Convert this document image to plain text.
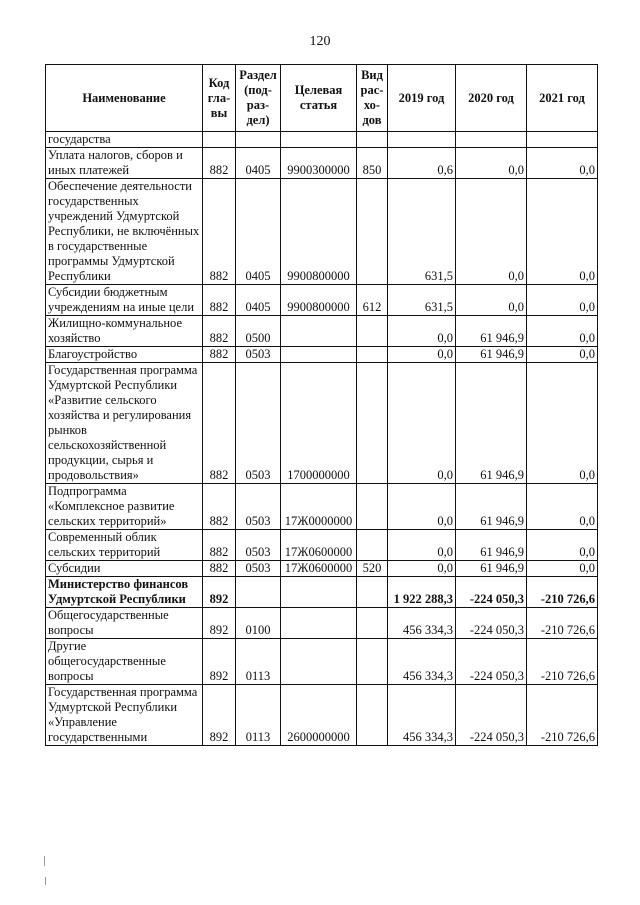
120
Наименование	Код гла-вы	Раздел (под-раз-дел)	Целевая статья	Вид рас-хо-дов	2019 год	2020 год	2021 год
государства							
Уплата налогов, сборов и иных платежей	882	0405	9900300000	850	0,6	0,0	0,0
Обеспечение деятельности государственных учреждений Удмуртской Республики, не включённых в государственные программы Удмуртской Республики	882	0405	9900800000		631,5	0,0	0,0
Субсидии бюджетным учреждениям на иные цели	882	0405	9900800000	612	631,5	0,0	0,0
Жилищно-коммунальное хозяйство	882	0500			0,0	61 946,9	0,0
Благоустройство	882	0503			0,0	61 946,9	0,0
Государственная программа Удмуртской Республики «Развитие сельского хозяйства и регулирования рынков сельскохозяйственной продукции, сырья и продовольствия»	882	0503	1700000000		0,0	61 946,9	0,0
Подпрограмма «Комплексное развитие сельских территорий»	882	0503	17Ж0000000		0,0	61 946,9	0,0
Современный облик сельских территорий	882	0503	17Ж0600000		0,0	61 946,9	0,0
Субсидии	882	0503	17Ж0600000	520	0,0	61 946,9	0,0
Министерство финансов Удмуртской Республики	892				1 922 288,3	-224 050,3	-210 726,6
Общегосударственные вопросы	892	0100			456 334,3	-224 050,3	-210 726,6
Другие общегосударственные вопросы	892	0113			456 334,3	-224 050,3	-210 726,6
Государственная программа Удмуртской Республики «Управление государственными	892	0113	2600000000		456 334,3	-224 050,3	-210 726,6
